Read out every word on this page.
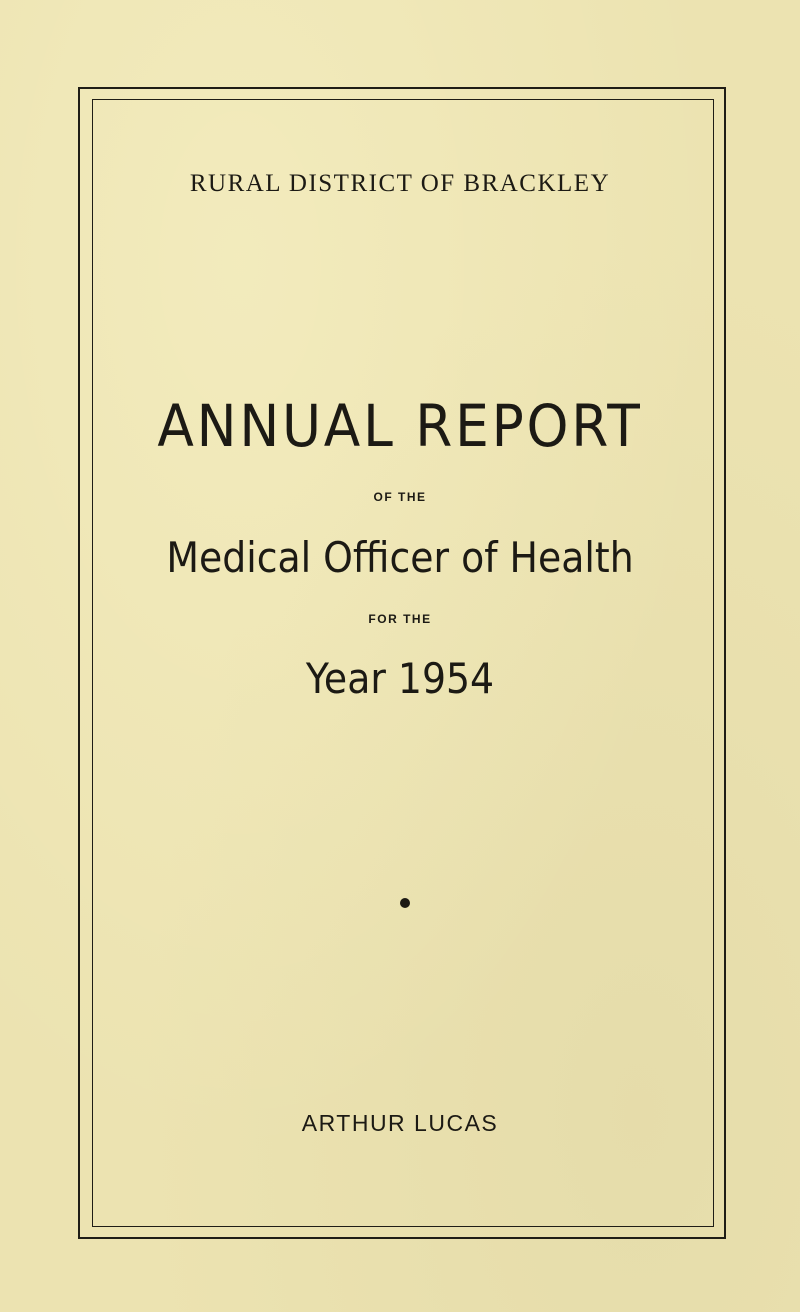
RURAL DISTRICT OF BRACKLEY
ANNUAL REPORT
OF THE
Medical Officer of Health
FOR THE
Year 1954
ARTHUR LUCAS
